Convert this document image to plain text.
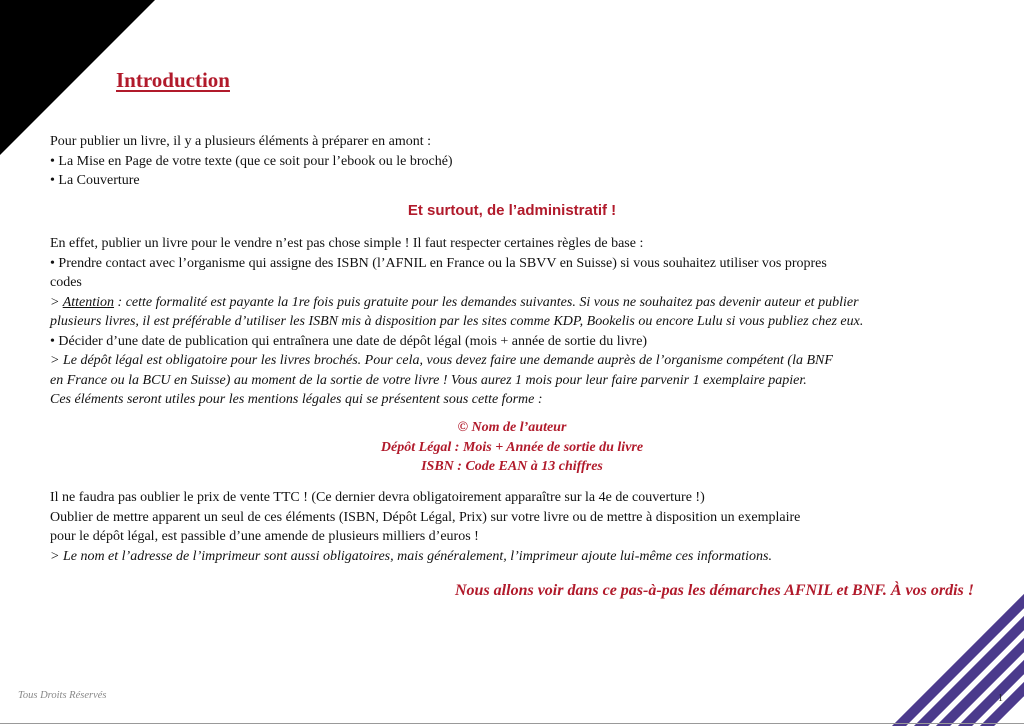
Introduction
Pour publier un livre, il y a plusieurs éléments à préparer en amont :
• La Mise en Page de votre texte (que ce soit pour l’ebook ou le broché)
• La Couverture
Et surtout, de l’administratif !
En effet, publier un livre pour le vendre n’est pas chose simple ! Il faut respecter certaines règles de base :
• Prendre contact avec l’organisme qui assigne des ISBN (l’AFNIL en France ou la SBVV en Suisse) si vous souhaitez utiliser vos propres
codes
> Attention : cette formalité est payante la 1re fois puis gratuite pour les demandes suivantes. Si vous ne souhaitez pas devenir auteur et publier
plusieurs livres, il est préférable d’utiliser les ISBN mis à disposition par les sites comme KDP, Bookelis ou encore Lulu si vous publiez chez eux.
• Décider d’une date de publication qui entraînera une date de dépôt légal (mois + année de sortie du livre)
> Le dépôt légal est obligatoire pour les livres brochés. Pour cela, vous devez faire une demande auprès de l’organisme compétent (la BNF
en France ou la BCU en Suisse) au moment de la sortie de votre livre ! Vous aurez 1 mois pour leur faire parvenir 1 exemplaire papier.
Ces éléments seront utiles pour les mentions légales qui se présentent sous cette forme :
© Nom de l’auteur
Dépôt Légal : Mois + Année de sortie du livre
ISBN : Code EAN à 13 chiffres
Il ne faudra pas oublier le prix de vente TTC ! (Ce dernier devra obligatoirement apparaître sur la 4e de couverture !)
Oublier de mettre apparent un seul de ces éléments (ISBN, Dépôt Légal, Prix) sur votre livre ou de mettre à disposition un exemplaire
pour le dépôt légal, est passible d’une amende de plusieurs milliers d’euros !
> Le nom et l’adresse de l’imprimeur sont aussi obligatoires, mais généralement, l’imprimeur ajoute lui-même ces informations.
Nous allons voir dans ce pas-à-pas les démarches AFNIL et BNF. À vos ordis !
Tous Droits Réservés	1
